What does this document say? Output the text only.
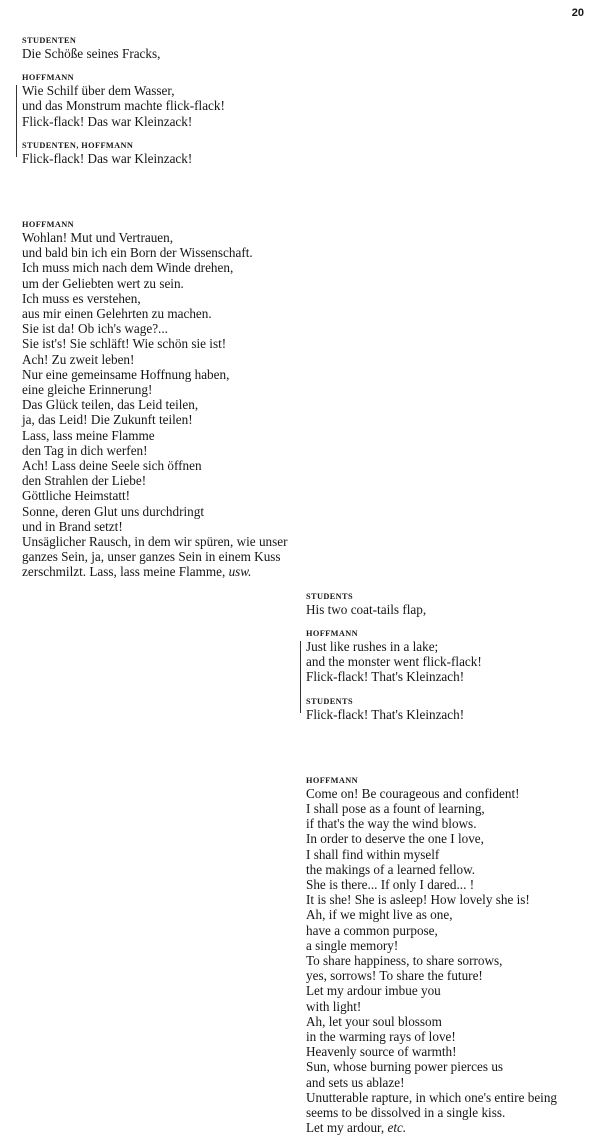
20
STUDENTEN
Die Schöße seines Fracks,
HOFFMANN
Wie Schilf über dem Wasser,
und das Monstrum machte flick-flack!
Flick-flack! Das war Kleinzack!
STUDENTEN, HOFFMANN
Flick-flack! Das war Kleinzack!
HOFFMANN
Wohlan! Mut und Vertrauen,
und bald bin ich ein Born der Wissenschaft.
Ich muss mich nach dem Winde drehen,
um der Geliebten wert zu sein.
Ich muss es verstehen,
aus mir einen Gelehrten zu machen.
Sie ist da! Ob ich's wage?...
Sie ist's! Sie schläft! Wie schön sie ist!
Ach! Zu zweit leben!
Nur eine gemeinsame Hoffnung haben,
eine gleiche Erinnerung!
Das Glück teilen, das Leid teilen,
ja, das Leid! Die Zukunft teilen!
Lass, lass meine Flamme
den Tag in dich werfen!
Ach! Lass deine Seele sich öffnen
den Strahlen der Liebe!
Göttliche Heimstatt!
Sonne, deren Glut uns durchdringt
und in Brand setzt!
Unsäglicher Rausch, in dem wir spüren, wie unser
ganzes Sein, ja, unser ganzes Sein in einem Kuss
zerschmilzt. Lass, lass meine Flamme, usw.
STUDENTS
His two coat-tails flap,
HOFFMANN
Just like rushes in a lake;
and the monster went flick-flack!
Flick-flack! That's Kleinzach!
STUDENTS
Flick-flack! That's Kleinzach!
HOFFMANN
Come on! Be courageous and confident!
I shall pose as a fount of learning,
if that's the way the wind blows.
In order to deserve the one I love,
I shall find within myself
the makings of a learned fellow.
She is there... If only I dared... !
It is she! She is asleep! How lovely she is!
Ah, if we might live as one,
have a common purpose,
a single memory!
To share happiness, to share sorrows,
yes, sorrows! To share the future!
Let my ardour imbue you
with light!
Ah, let your soul blossom
in the warming rays of love!
Heavenly source of warmth!
Sun, whose burning power pierces us
and sets us ablaze!
Unutterable rapture, in which one's entire being
seems to be dissolved in a single kiss.
Let my ardour, etc.
